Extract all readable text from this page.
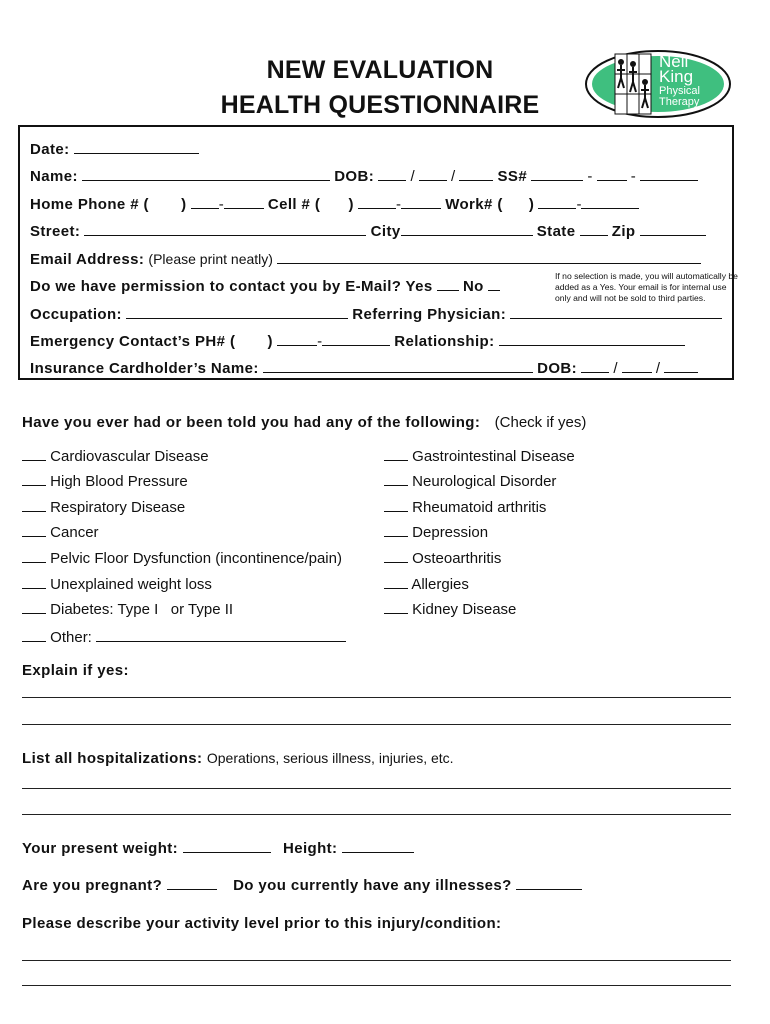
NEW EVALUATION
HEALTH QUESTIONNAIRE
Neil
King
Physical
Therapy
Date:
Name:	DOB:  /  /	SS#	-  -
Home Phone # ( ) -	Cell # ( )	-	Work# ( )	-
Street:	City	State Zip
Email Address: (Please print neatly)
Do we have permission to contact you by E-Mail? Yes No
If no selection is made, you will automatically be added as a Yes. Your email is for internal use only and will not be sold to third parties.
Occupation:	Referring Physician:
Emergency Contact’s PH# ( )	-	Relationship:
Insurance Cardholder’s Name:	DOB:  /  /
Have you ever had or been told you had any of the following: (Check if yes)
Cardiovascular Disease
High Blood Pressure
Respiratory Disease
Cancer
Pelvic Floor Dysfunction (incontinence/pain)
Unexplained weight loss
Diabetes: Type I   or Type II
Other:
Gastrointestinal Disease
Neurological Disorder
Rheumatoid arthritis
Depression
Osteoarthritis
Allergies
Kidney Disease
Explain if yes:
List all hospitalizations: Operations, serious illness, injuries, etc.
Your present weight:	Height:
Are you pregnant?	Do you currently have any illnesses?
Please describe your activity level prior to this injury/condition:
